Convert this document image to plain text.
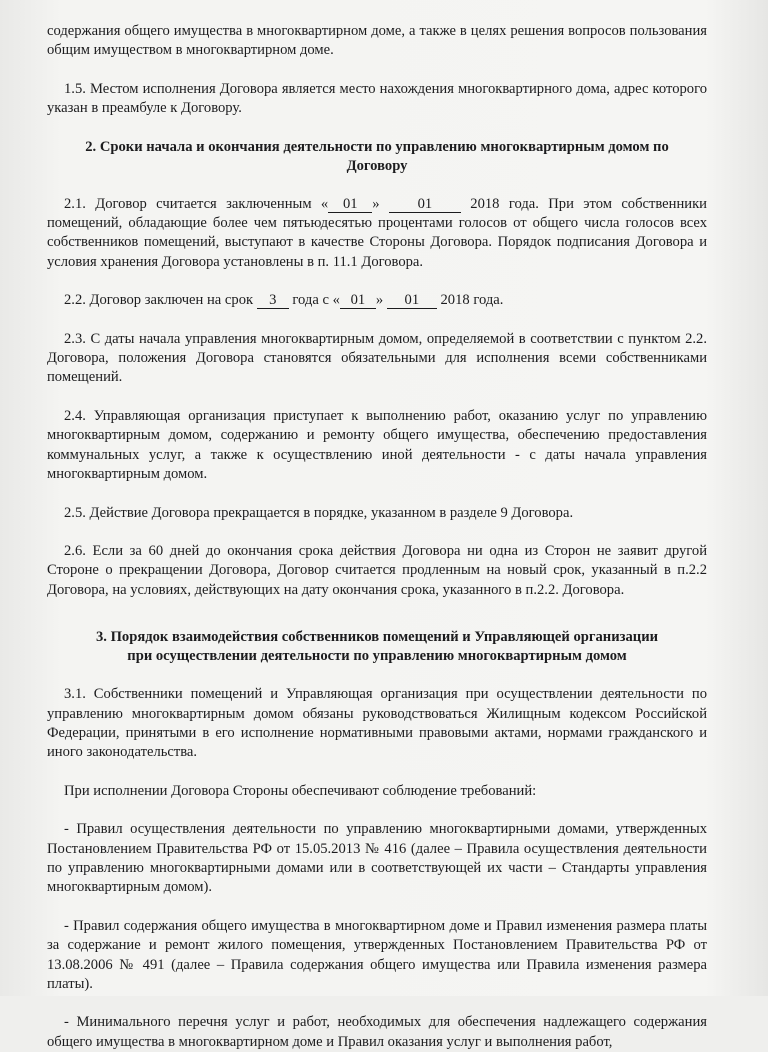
содержания общего имущества в многоквартирном доме, а также в целях решения вопросов пользования общим имуществом в многоквартирном доме.

1.5. Местом исполнения Договора является место нахождения многоквартирного дома, адрес которого указан в преамбуле к Договору.

2. Сроки начала и окончания деятельности по управлению многоквартирным домом по
Договору

2.1. Договор считается заключенным « 01 »	01	2018 года. При этом собственники помещений, обладающие более чем пятьюдесятью процентами голосов от общего числа голосов всех собственников помещений, выступают в качестве Стороны Договора. Порядок подписания Договора и условия хранения Договора установлены в п. 11.1 Договора.

2.2. Договор заключен на срок 3 года с « 01 » 01 2018 года.

2.3. С даты начала управления многоквартирным домом, определяемой в соответствии с пунктом 2.2. Договора, положения Договора становятся обязательными для исполнения всеми собственниками помещений.

2.4. Управляющая организация приступает к выполнению работ, оказанию услуг по управлению многоквартирным домом, содержанию и ремонту общего имущества, обеспечению предоставления коммунальных услуг, а также к осуществлению иной деятельности - с даты начала управления многоквартирным домом.

2.5. Действие Договора прекращается в порядке, указанном в разделе 9 Договора.

2.6. Если за 60 дней до окончания срока действия Договора ни одна из Сторон не заявит другой Стороне о прекращении Договора, Договор считается продленным на новый срок, указанный в п.2.2 Договора, на условиях, действующих на дату окончания срока, указанного в п.2.2. Договора.

3. Порядок взаимодействия собственников помещений и Управляющей организации
при осуществлении деятельности по управлению многоквартирным домом

3.1. Собственники помещений и Управляющая организация при осуществлении деятельности по управлению многоквартирным домом обязаны руководствоваться Жилищным кодексом Российской Федерации, принятыми в его исполнение нормативными правовыми актами, нормами гражданского и иного законодательства.

При исполнении Договора Стороны обеспечивают соблюдение требований:

- Правил осуществления деятельности по управлению многоквартирными домами, утвержденных Постановлением Правительства РФ от 15.05.2013 № 416 (далее – Правила осуществления деятельности по управлению многоквартирными домами или в соответствующей их части – Стандарты управления многоквартирным домом).

- Правил содержания общего имущества в многоквартирном доме и Правил изменения размера платы за содержание и ремонт жилого помещения, утвержденных Постановлением Правительства РФ от 13.08.2006 № 491 (далее – Правила содержания общего имущества или Правила изменения размера платы).

- Минимального перечня услуг и работ, необходимых для обеспечения надлежащего содержания общего имущества в многоквартирном доме и Правил оказания услуг и выполнения работ,
